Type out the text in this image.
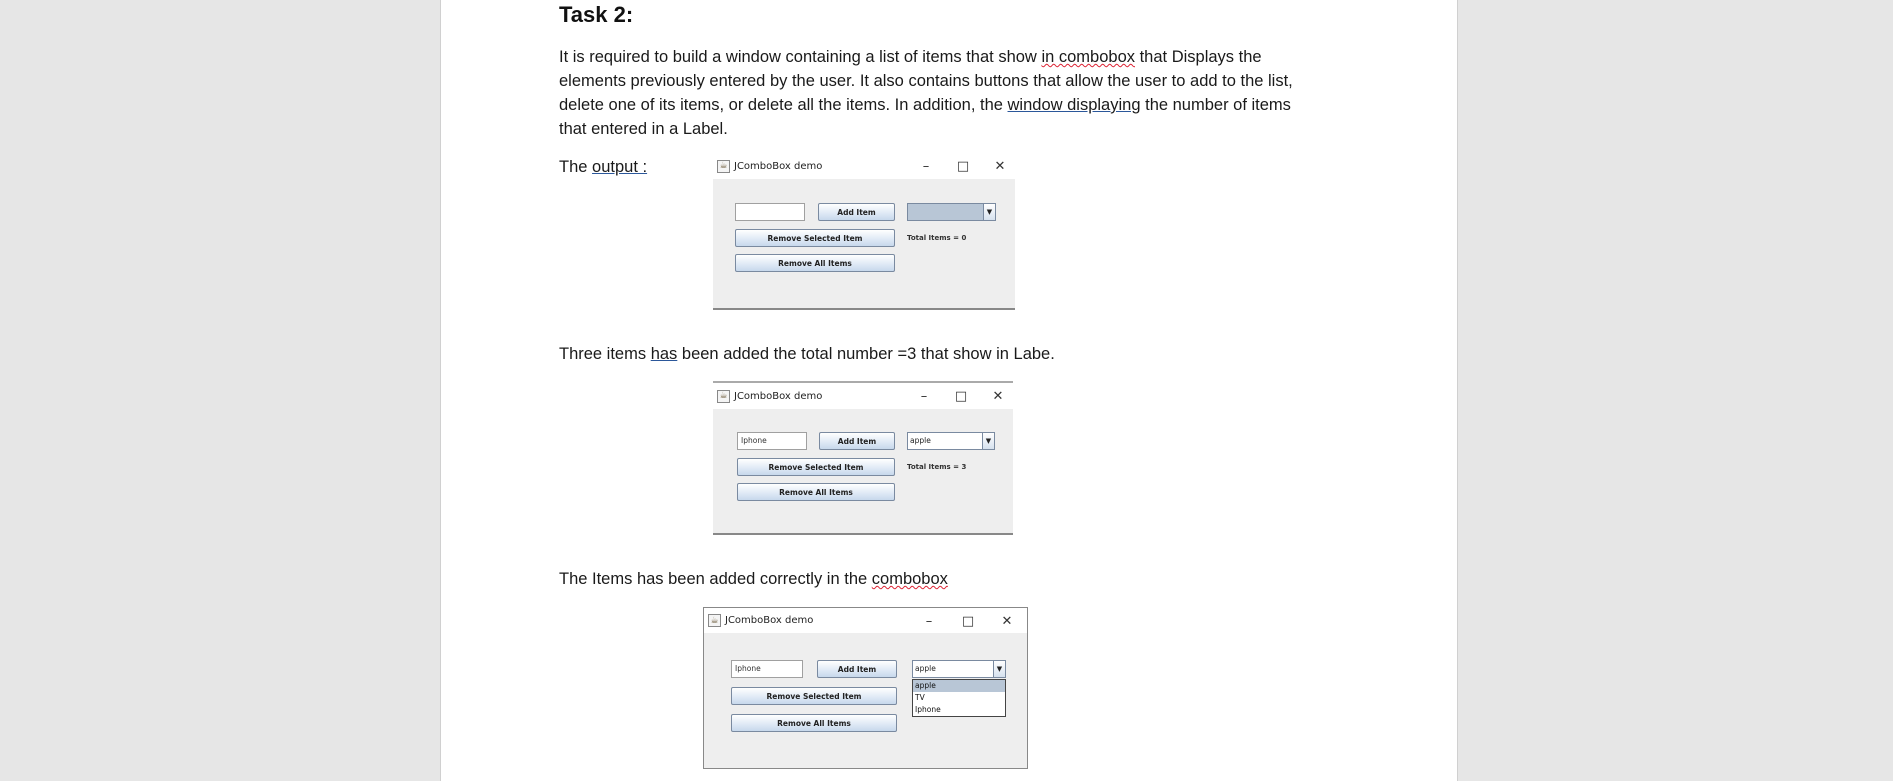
Task 2:
It is required to build a window containing a list of items that show in combobox that Displays the
elements previously entered by the user. It also contains buttons that allow the user to add to the list,
delete one of its items, or delete all the items. In addition, the window displaying the number of items
that entered in a Label.
The output :	☕ JComboBox demo	–	□	✕
Add Item	▼
Remove Selected Item	Total Items = 0
Remove All Items
Three items has been added the total number =3 that show in Labe.
☕ JComboBox demo	–	□	✕
Iphone	Add Item	apple	▼
Remove Selected Item	Total Items = 3
Remove All Items
The Items has been added correctly in the combobox
☕ JComboBox demo	–	□	✕
Iphone	Add Item	apple	▼
apple
TV
Iphone
Remove Selected Item
Remove All Items
